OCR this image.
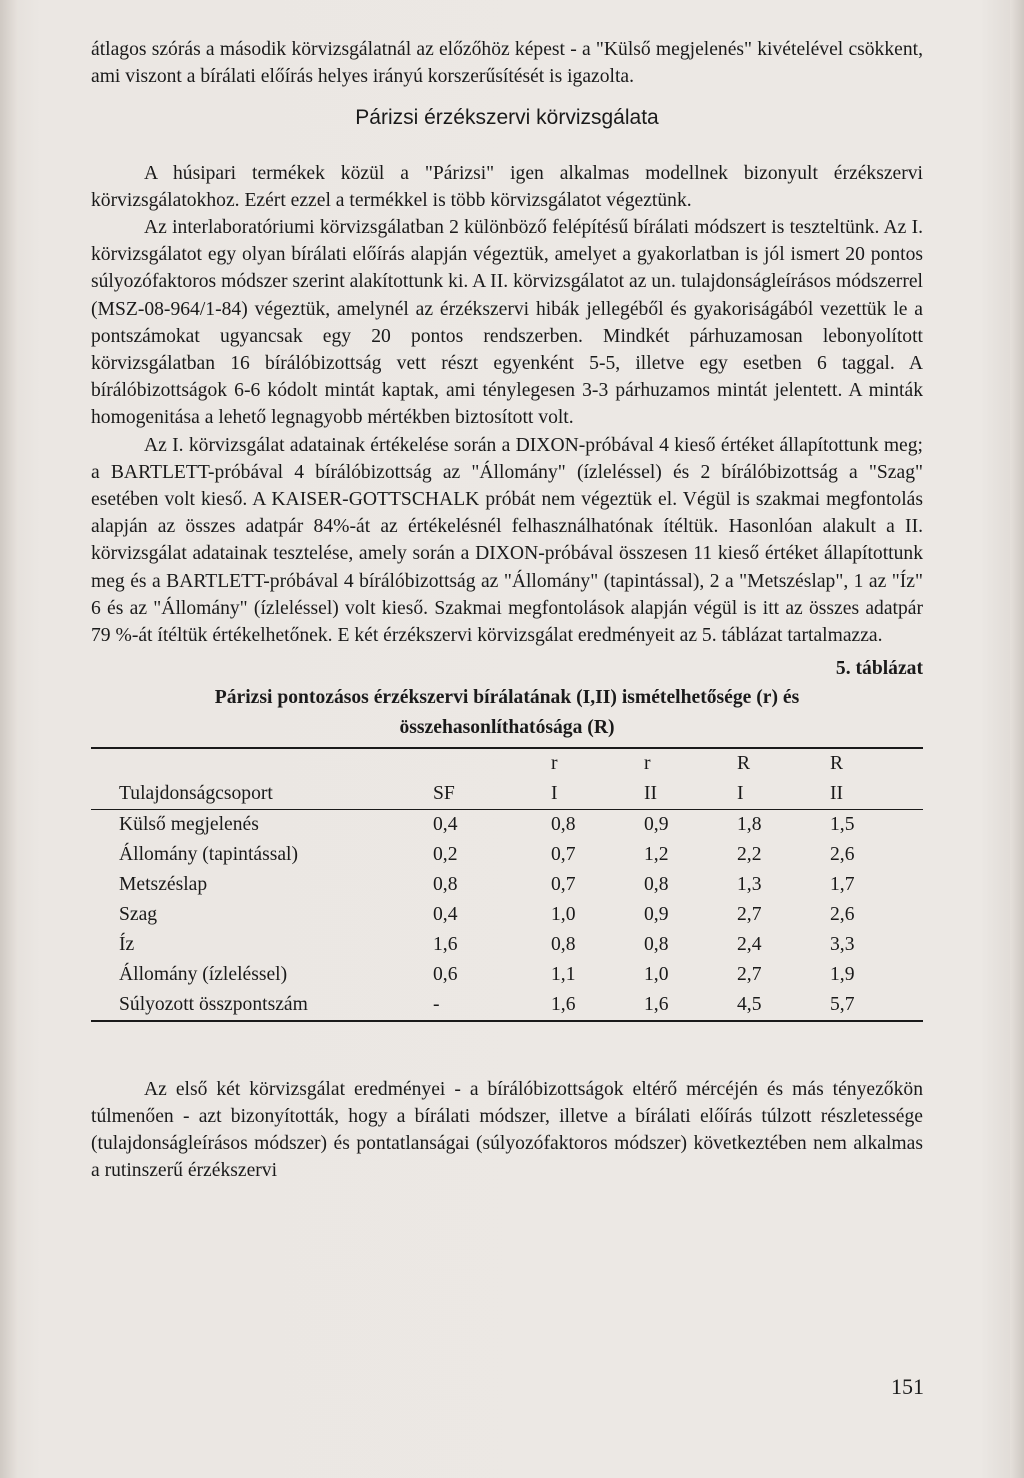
átlagos szórás a második körvizsgálatnál az előzőhöz képest - a "Külső megjelenés" kivételével csökkent, ami viszont a bírálati előírás helyes irányú korszerűsítését is igazolta.

Párizsi érzékszervi körvizsgálata

A húsipari termékek közül a "Párizsi" igen alkalmas modellnek bizonyult érzékszervi körvizsgálatokhoz. Ezért ezzel a termékkel is több körvizsgálatot végeztünk.

Az interlaboratóriumi körvizsgálatban 2 különböző felépítésű bírálati módszert is teszteltünk. Az I. körvizsgálatot egy olyan bírálati előírás alapján végeztük, amelyet a gyakorlatban is jól ismert 20 pontos súlyozófaktoros módszer szerint alakítottunk ki. A II. körvizsgálatot az un. tulajdonságleírásos módszerrel (MSZ-08-964/1-84) végeztük, amelynél az érzékszervi hibák jellegéből és gyakoriságából vezettük le a pontszámokat ugyancsak egy 20 pontos rendszerben. Mindkét párhuzamosan lebonyolított körvizsgálatban 16 bírálóbizottság vett részt egyenként 5-5, illetve egy esetben 6 taggal. A bírálóbizottságok 6-6 kódolt mintát kaptak, ami ténylegesen 3-3 párhuzamos mintát jelentett. A minták homogenitása a lehető legnagyobb mértékben biztosított volt.

Az I. körvizsgálat adatainak értékelése során a DIXON-próbával 4 kieső értéket állapítottunk meg; a BARTLETT-próbával 4 bírálóbizottság az "Állomány" (ízleléssel) és 2 bírálóbizottság a "Szag" esetében volt kieső. A KAISER-GOTTSCHALK próbát nem végeztük el. Végül is szakmai megfontolás alapján az összes adatpár 84%-át az értékelésnél felhasználhatónak ítéltük. Hasonlóan alakult a II. körvizsgálat adatainak tesztelése, amely során a DIXON-próbával összesen 11 kieső értéket állapítottunk meg és a BARTLETT-próbával 4 bírálóbizottság az "Állomány" (tapintással), 2 a "Metszéslap", 1 az "Íz" 6 és az "Állomány" (ízleléssel) volt kieső. Szakmai megfontolások alapján végül is itt az összes adatpár 79 %-át ítéltük értékelhetőnek. E két érzékszervi körvizsgálat eredményeit az 5. táblázat tartalmazza.

5. táblázat
Párizsi pontozásos érzékszervi bírálatának (I,II) ismételhetősége (r) és
összehasonlíthatósága (R)
		r	r	R	R
Tulajdonságcsoport	SF	I	II	I	II
Külső megjelenés	0,4	0,8	0,9	1,8	1,5
Állomány (tapintással)	0,2	0,7	1,2	2,2	2,6
Metszéslap	0,8	0,7	0,8	1,3	1,7
Szag	0,4	1,0	0,9	2,7	2,6
Íz	1,6	0,8	0,8	2,4	3,3
Állomány (ízleléssel)	0,6	1,1	1,0	2,7	1,9
Súlyozott összpontszám	-	1,6	1,6	4,5	5,7

Az első két körvizsgálat eredményei - a bírálóbizottságok eltérő mércéjén és más tényezőkön túlmenően - azt bizonyították, hogy a bírálati módszer, illetve a bírálati előírás túlzott részletessége (tulajdonságleírásos módszer) és pontatlanságai (súlyozófaktoros módszer) következtében nem alkalmas a rutinszerű érzékszervi

151
